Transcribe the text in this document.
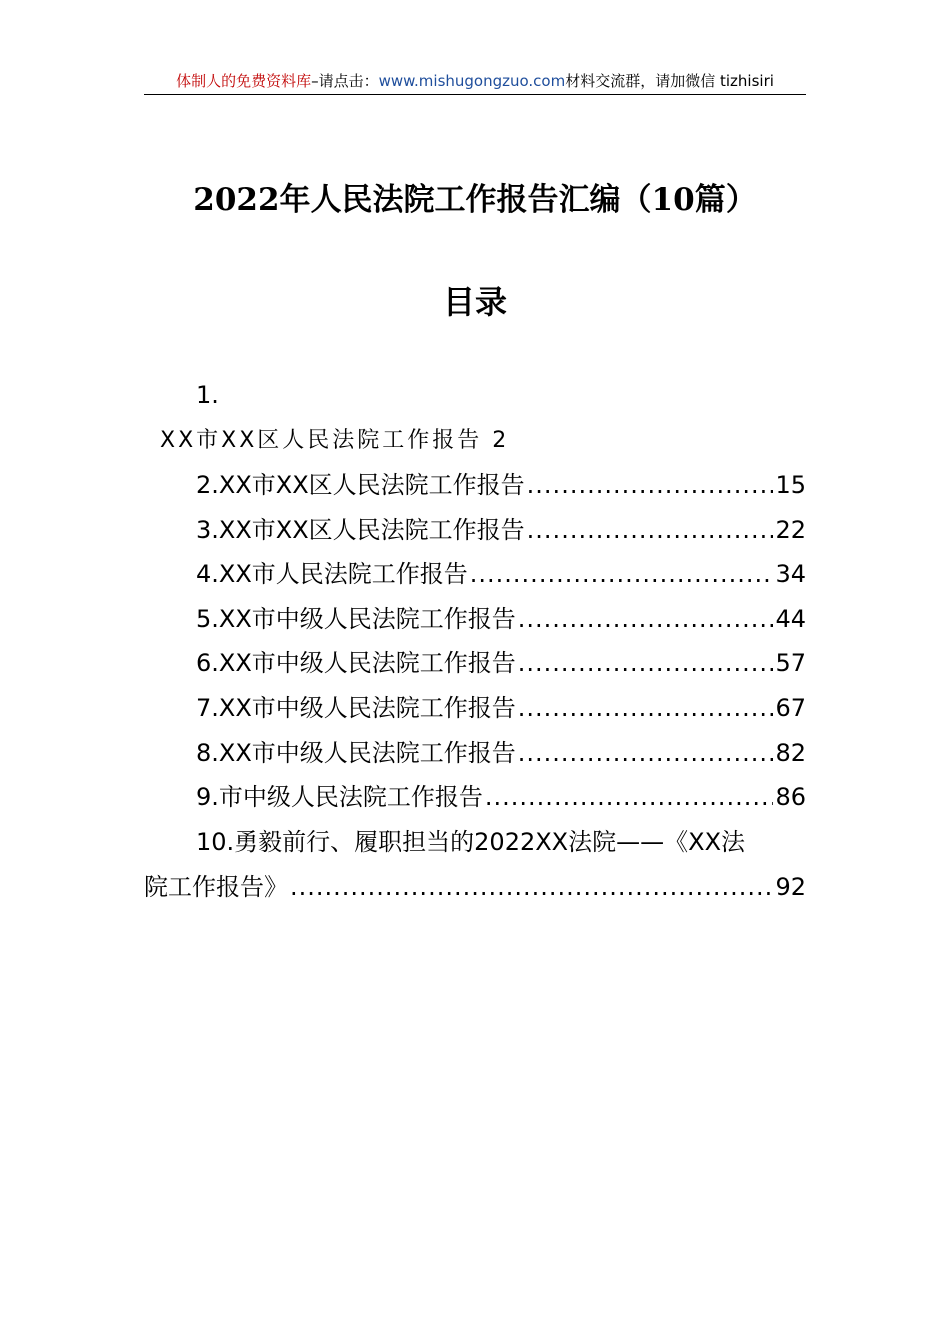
体制人的免费资料库–请点击：www.mishugongzuo.com材料交流群，请加微信 tizhisiri
2022年人民法院工作报告汇编（10篇）
目录
1.
XX市XX区人民法院工作报告 2
2.XX市XX区人民法院工作报告 .....	15
3.XX市XX区人民法院工作报告 .....	22
4.XX市人民法院工作报告 .....	34
5.XX市中级人民法院工作报告 .....	44
6.XX市中级人民法院工作报告 .....	57
7.XX市中级人民法院工作报告 .....	67
8.XX市中级人民法院工作报告 .....	82
9.市中级人民法院工作报告 .....	86
10.勇毅前行、履职担当的2022XX法院——《XX法
院工作报告》 .....	92
